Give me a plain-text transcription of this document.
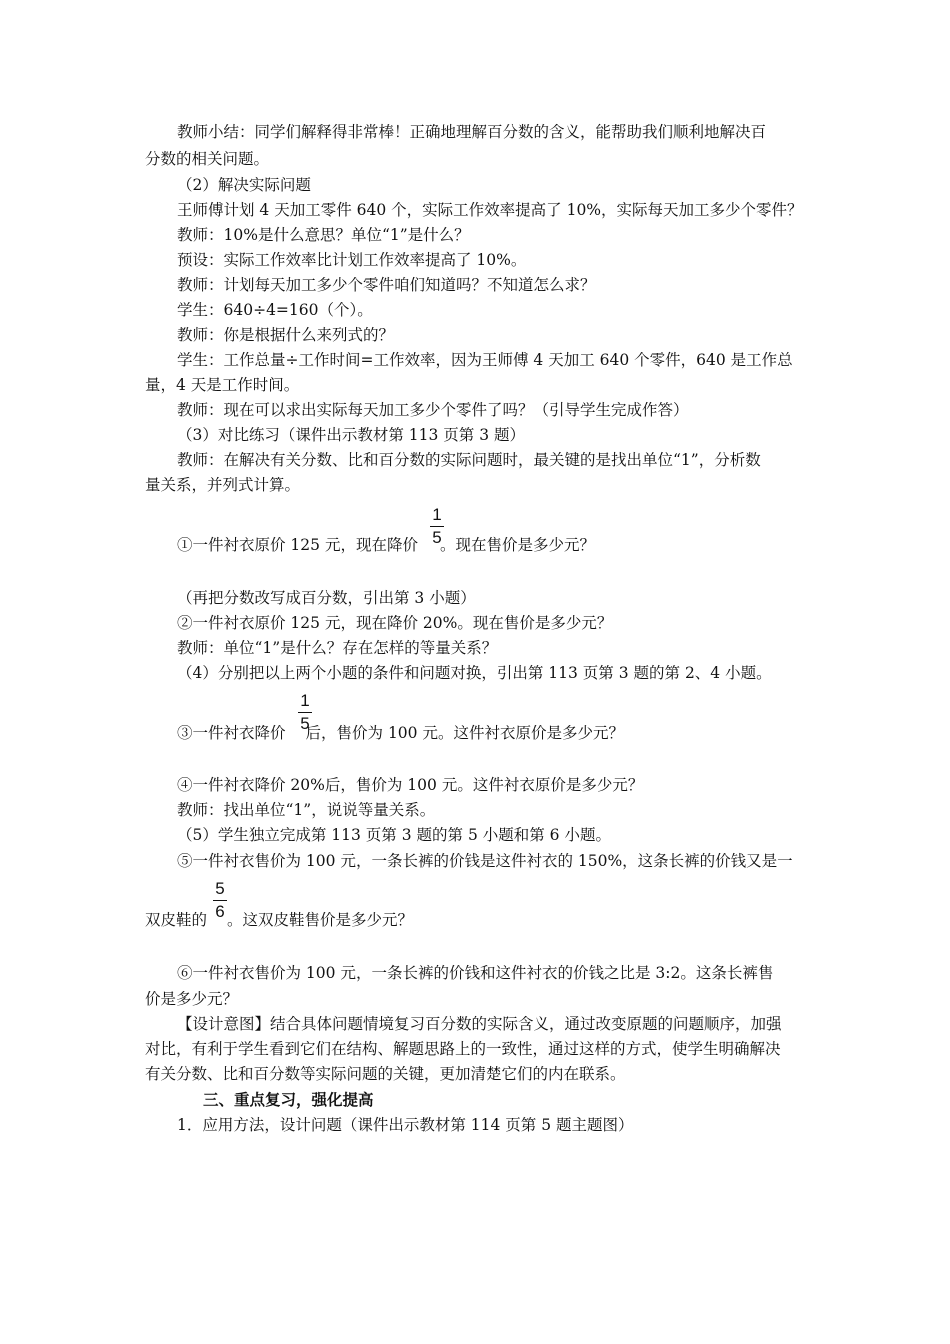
教师小结：同学们解释得非常棒！正确地理解百分数的含义，能帮助我们顺利地解决百
分数的相关问题。
（2）解决实际问题
王师傅计划 4 天加工零件 640 个，实际工作效率提高了 10%，实际每天加工多少个零件？
教师：10%是什么意思？单位“1”是什么？
预设：实际工作效率比计划工作效率提高了 10%。
教师：计划每天加工多少个零件咱们知道吗？不知道怎么求？
学生：640÷4=160（个）。
教师：你是根据什么来列式的？
学生：工作总量÷工作时间=工作效率，因为王师傅 4 天加工 640 个零件，640 是工作总
量，4 天是工作时间。
教师：现在可以求出实际每天加工多少个零件了吗？（引导学生完成作答）
（3）对比练习（课件出示教材第 113 页第 3 题）
教师：在解决有关分数、比和百分数的实际问题时，最关键的是找出单位“1”，分析数
量关系，并列式计算。
①一件衬衣原价 125 元，现在降价 。现在售价是多少元？
1
5
（再把分数改写成百分数，引出第 3 小题）
②一件衬衣原价 125 元，现在降价 20%。现在售价是多少元？
教师：单位“1”是什么？存在怎样的等量关系？
（4）分别把以上两个小题的条件和问题对换，引出第 113 页第 3 题的第 2、4 小题。
③一件衬衣降价 后，售价为 100 元。这件衬衣原价是多少元？
1
5
④一件衬衣降价 20%后，售价为 100 元。这件衬衣原价是多少元？
教师：找出单位“1”，说说等量关系。
（5）学生独立完成第 113 页第 3 题的第 5 小题和第 6 小题。
⑤一件衬衣售价为 100 元，一条长裤的价钱是这件衬衣的 150%，这条长裤的价钱又是一
双皮鞋的 。这双皮鞋售价是多少元？
5
6
⑥一件衬衣售价为 100 元，一条长裤的价钱和这件衬衣的价钱之比是 3:2。这条长裤售
价是多少元？
【设计意图】结合具体问题情境复习百分数的实际含义，通过改变原题的问题顺序，加强
对比，有利于学生看到它们在结构、解题思路上的一致性，通过这样的方式，使学生明确解决
有关分数、比和百分数等实际问题的关键，更加清楚它们的内在联系。
三、重点复习，强化提高
1．应用方法，设计问题（课件出示教材第 114 页第 5 题主题图）
